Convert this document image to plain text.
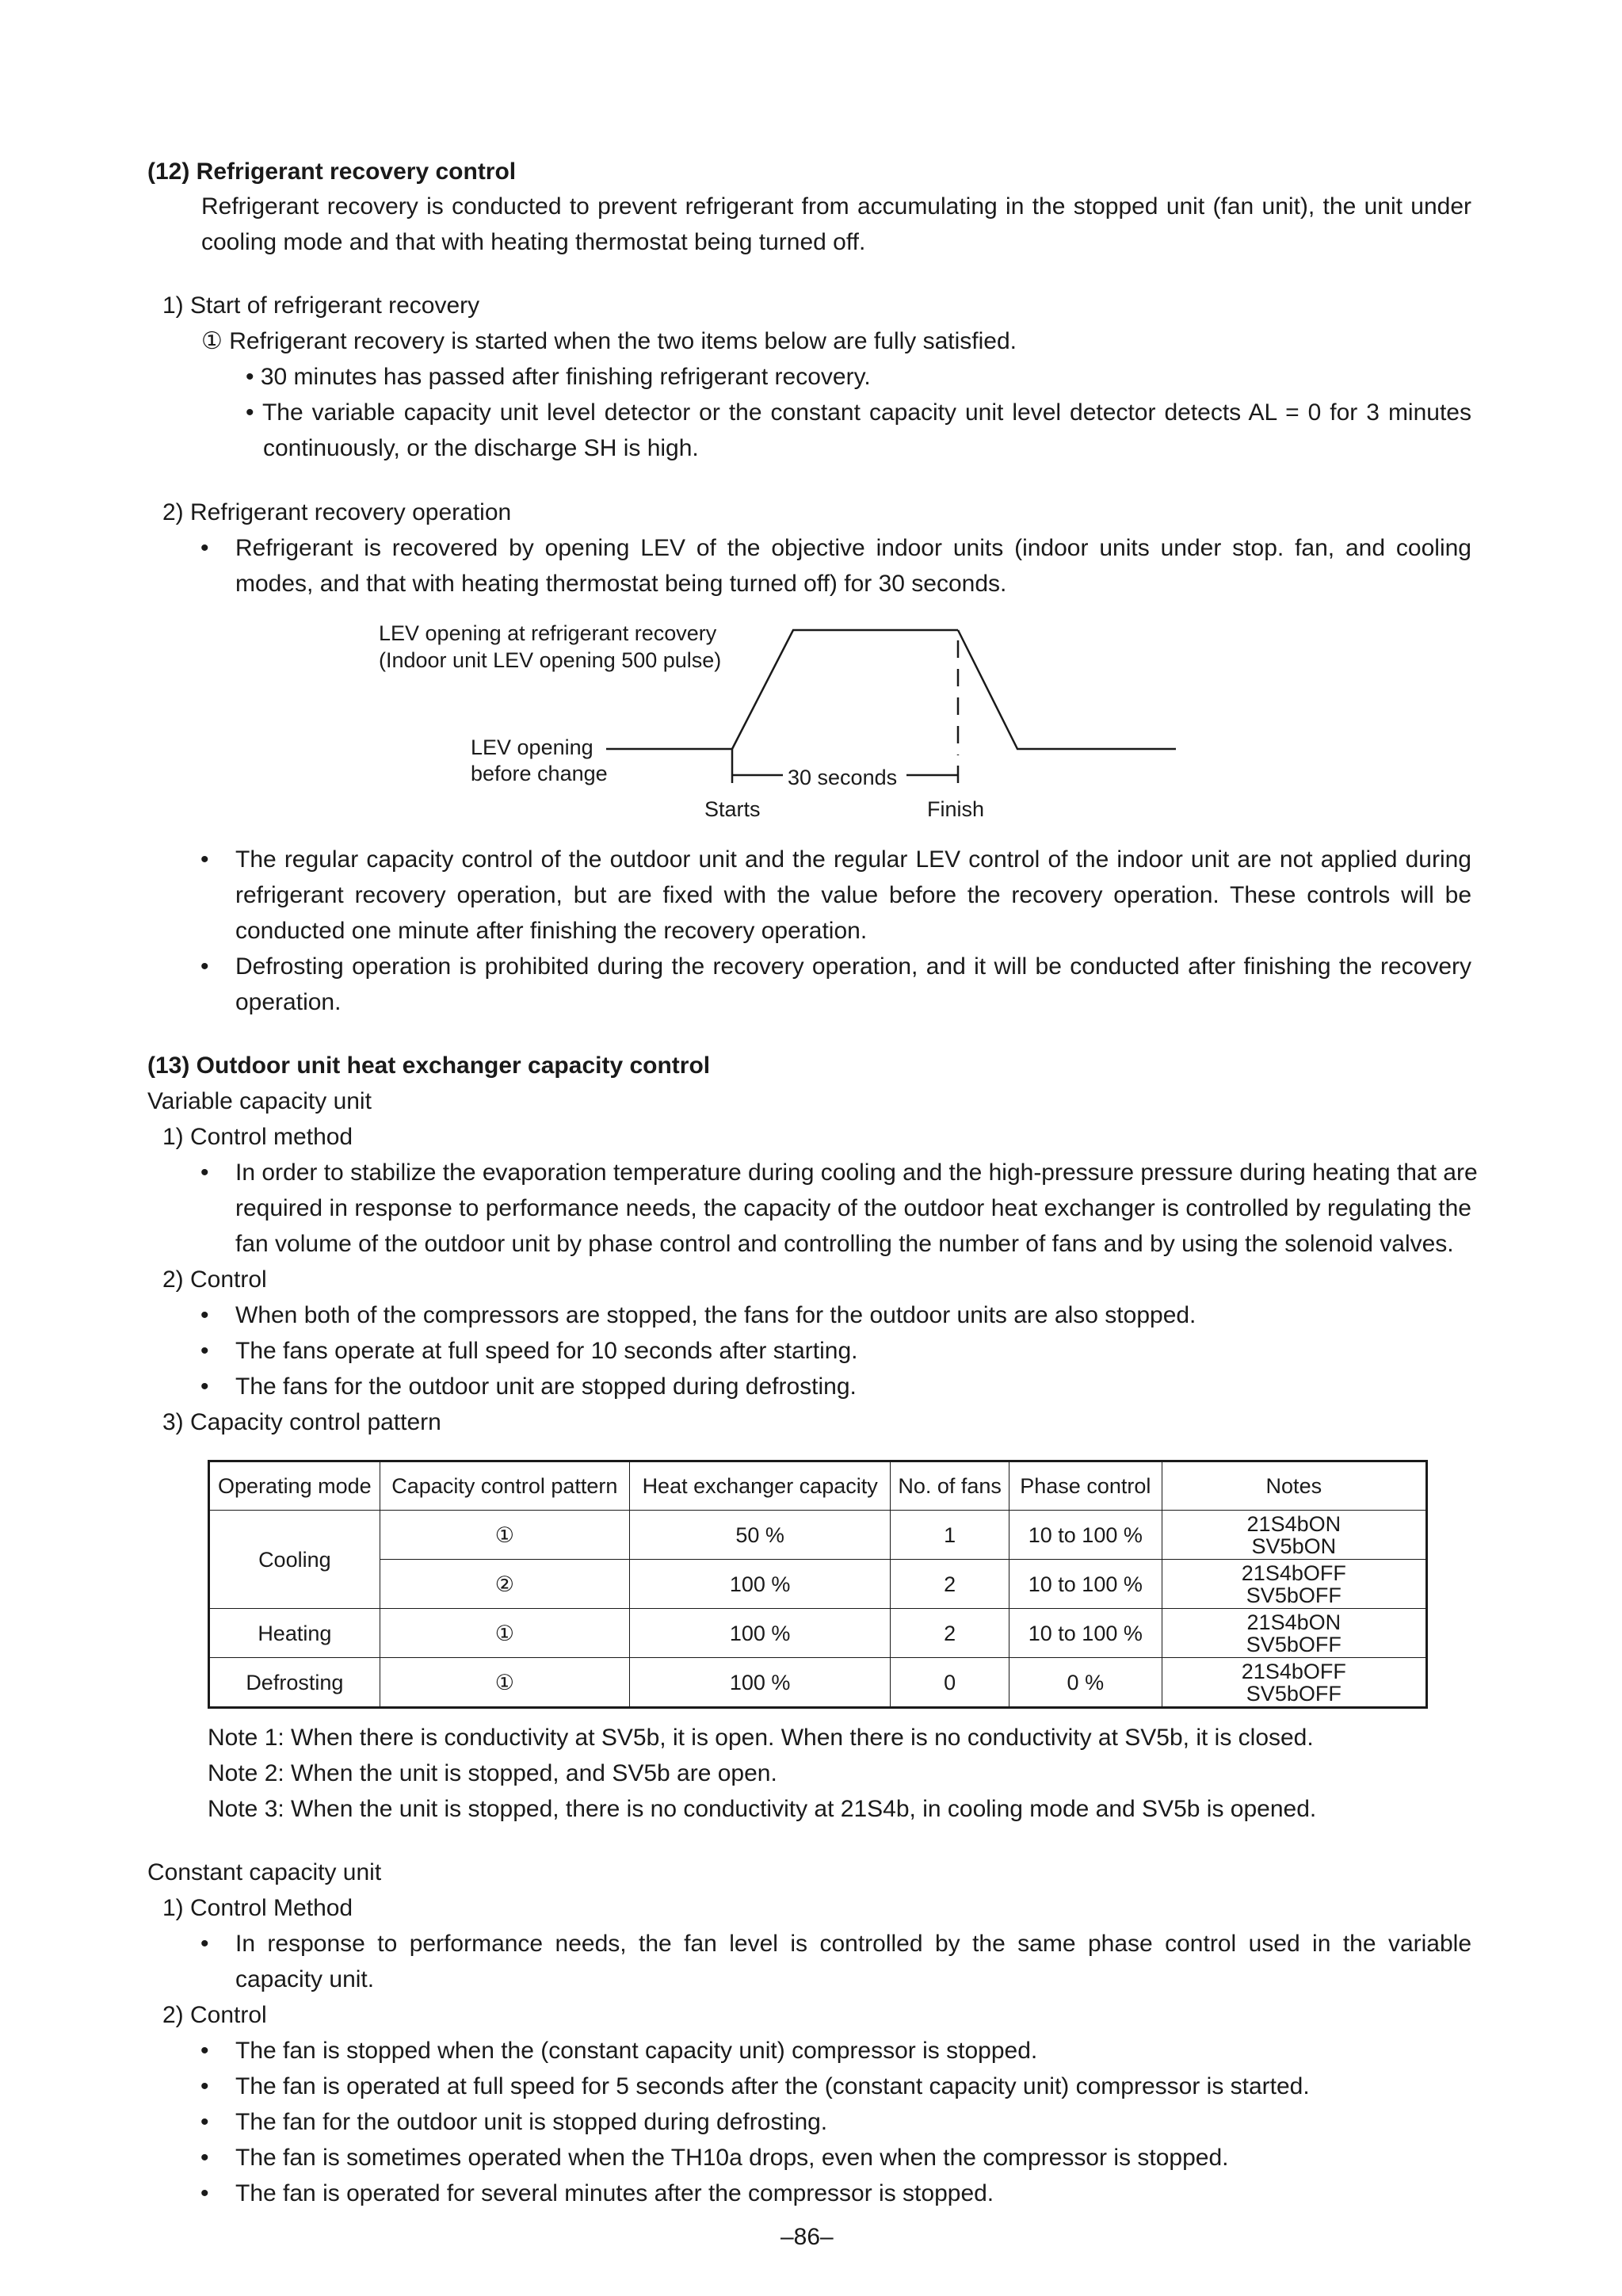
(12) Refrigerant recovery control
Refrigerant recovery is conducted to prevent refrigerant from accumulating in the stopped unit (fan unit), the unit under
cooling mode and that with heating thermostat being turned off.
1) Start of refrigerant recovery
① Refrigerant recovery is started when the two items below are fully satisfied.
• 30 minutes has passed after finishing refrigerant recovery.
• The variable capacity unit level detector or the constant capacity unit level detector detects AL = 0 for 3 minutes
continuously, or the discharge SH is high.
2) Refrigerant recovery operation
• Refrigerant is recovered by opening LEV of the objective indoor units (indoor units under stop. fan, and cooling
modes, and that with heating thermostat being turned off) for 30 seconds.
LEV opening at refrigerant recovery
(Indoor unit LEV opening 500 pulse)
LEV opening
before change	30 seconds
Starts	Finish
• The regular capacity control of the outdoor unit and the regular LEV control of the indoor unit are not applied during
refrigerant recovery operation, but are fixed with the value before the recovery operation. These controls will be
conducted one minute after finishing the recovery operation.
• Defrosting operation is prohibited during the recovery operation, and it will be conducted after finishing the recovery
operation.
(13) Outdoor unit heat exchanger capacity control
Variable capacity unit
1) Control method
• In order to stabilize the evaporation temperature during cooling and the high-pressure pressure during heating that are
required in response to performance needs, the capacity of the outdoor heat exchanger is controlled by regulating the
fan volume of the outdoor unit by phase control and controlling the number of fans and by using the solenoid valves.
2) Control
• When both of the compressors are stopped, the fans for the outdoor units are also stopped.
• The fans operate at full speed for 10 seconds after starting.
• The fans for the outdoor unit are stopped during defrosting.
3) Capacity control pattern
Operating mode	Capacity control pattern	Heat exchanger capacity	No. of fans	Phase control	Notes
Cooling	①	50 %	1	10 to 100 %	21S4bON
SV5bON

	②	100 %	2	10 to 100 %	21S4bOFF
SV5bOFF

Heating	①	100 %	2	10 to 100 %	21S4bON
SV5bOFF

Defrosting	①	100 %	0	0 %	21S4bOFF
SV5bOFF
Note 1: When there is conductivity at SV5b, it is open. When there is no conductivity at SV5b, it is closed.
Note 2: When the unit is stopped, and SV5b are open.
Note 3: When the unit is stopped, there is no conductivity at 21S4b, in cooling mode and SV5b is opened.
Constant capacity unit
1) Control Method
• In response to performance needs, the fan level is controlled by the same phase control used in the variable
capacity unit.
2) Control
• The fan is stopped when the (constant capacity unit) compressor is stopped.
• The fan is operated at full speed for 5 seconds after the (constant capacity unit) compressor is started.
• The fan for the outdoor unit is stopped during defrosting.
• The fan is sometimes operated when the TH10a drops, even when the compressor is stopped.
• The fan is operated for several minutes after the compressor is stopped.
–86–
